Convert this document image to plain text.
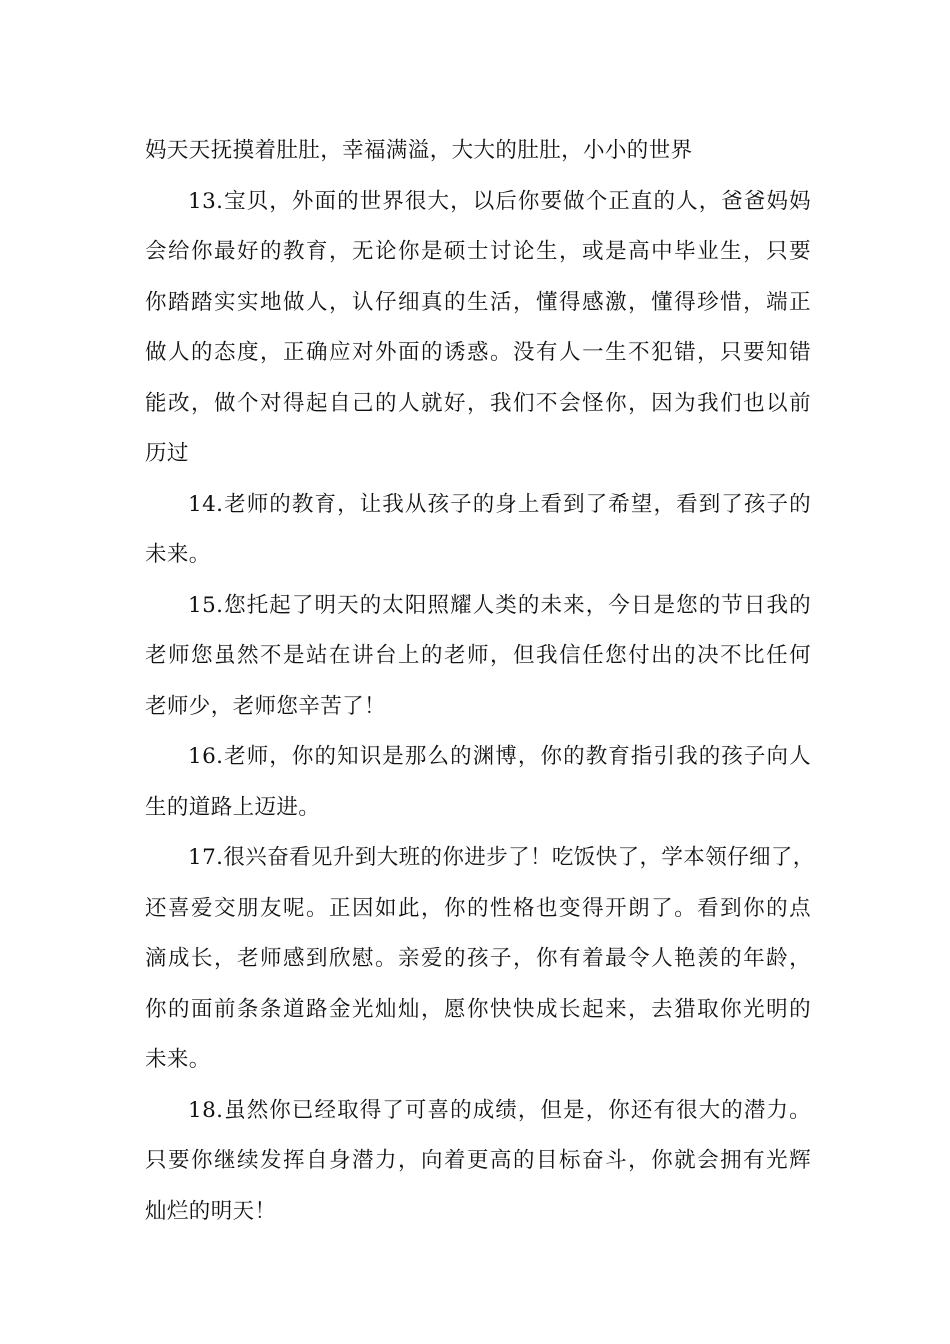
妈天天抚摸着肚肚，幸福满溢，大大的肚肚，小小的世界

13.宝贝，外面的世界很大，以后你要做个正直的人，爸爸妈妈
会给你最好的教育，无论你是硕士讨论生，或是高中毕业生，只要
你踏踏实实地做人，认仔细真的生活，懂得感激，懂得珍惜，端正
做人的态度，正确应对外面的诱惑。没有人一生不犯错，只要知错
能改，做个对得起自己的人就好，我们不会怪你，因为我们也以前
历过

14.老师的教育，让我从孩子的身上看到了希望，看到了孩子的
未来。

15.您托起了明天的太阳照耀人类的未来，今日是您的节日我的
老师您虽然不是站在讲台上的老师，但我信任您付出的决不比任何
老师少，老师您辛苦了！

16.老师，你的知识是那么的渊博，你的教育指引我的孩子向人
生的道路上迈进。

17.很兴奋看见升到大班的你进步了！吃饭快了，学本领仔细了，
还喜爱交朋友呢。正因如此，你的性格也变得开朗了。看到你的点
滴成长，老师感到欣慰。亲爱的孩子，你有着最令人艳羡的年龄，
你的面前条条道路金光灿灿，愿你快快成长起来，去猎取你光明的
未来。

18.虽然你已经取得了可喜的成绩，但是，你还有很大的潜力。
只要你继续发挥自身潜力，向着更高的目标奋斗，你就会拥有光辉
灿烂的明天！
